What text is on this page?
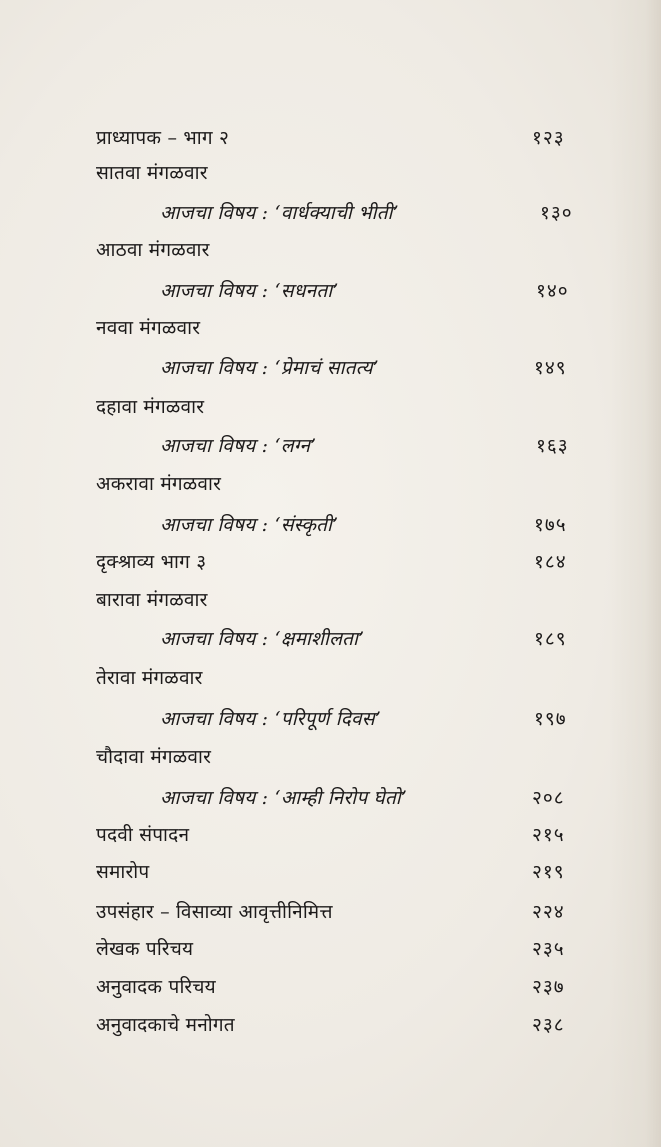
प्राध्यापक – भाग २	१२३
सातवा मंगळवार
आजचा विषय : ‘वार्धक्याची भीती’	१३०
आठवा मंगळवार
आजचा विषय : ‘सधनता’	१४०
नववा मंगळवार
आजचा विषय : ‘प्रेमाचं सातत्य’	१४९
दहावा मंगळवार
आजचा विषय : ‘लग्न’	१६३
अकरावा मंगळवार
आजचा विषय : ‘संस्कृती’	१७५
दृक्श्राव्य भाग ३	१८४
बारावा मंगळवार
आजचा विषय : ‘क्षमाशीलता’	१८९
तेरावा मंगळवार
आजचा विषय : ‘परिपूर्ण दिवस’	१९७
चौदावा मंगळवार
आजचा विषय : ‘आम्ही निरोप घेतो’	२०८
पदवी संपादन	२१५
समारोप	२१९
उपसंहार – विसाव्या आवृत्तीनिमित्त	२२४
लेखक परिचय	२३५
अनुवादक परिचय	२३७
अनुवादकाचे मनोगत	२३८
